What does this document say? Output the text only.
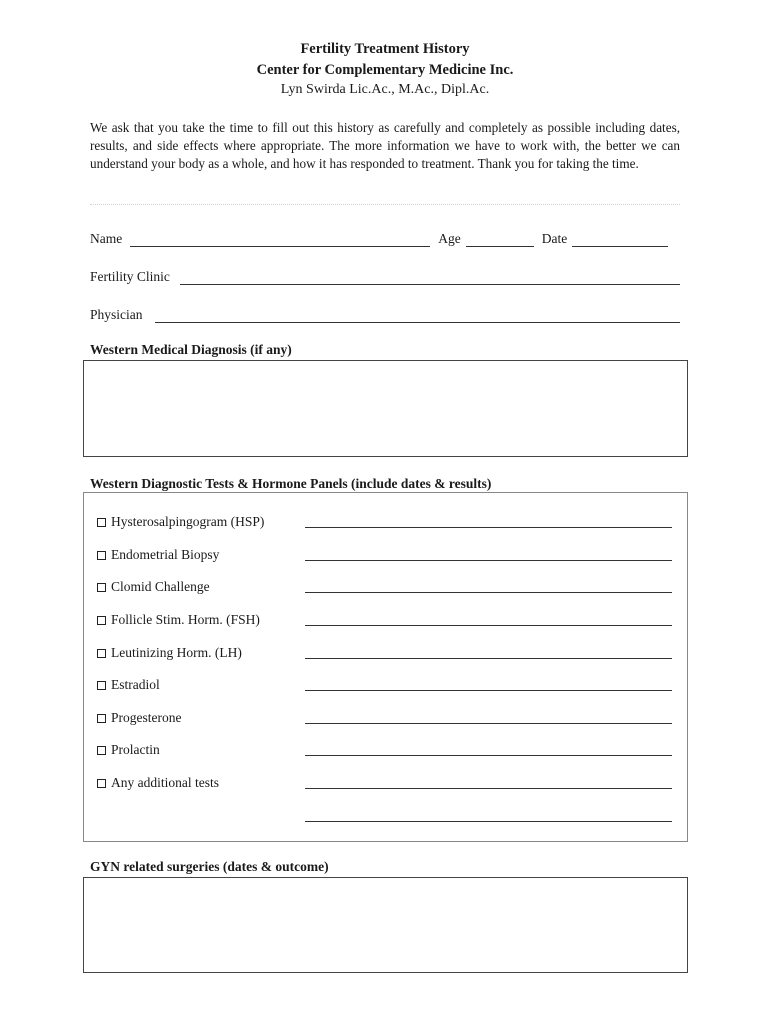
Fertility Treatment History
Center for Complementary Medicine Inc.
Lyn Swirda Lic.Ac., M.Ac., Dipl.Ac.
We ask that you take the time to fill out this history as carefully and completely as possible including dates, results, and side effects where appropriate. The more information we have to work with, the better we can understand your body as a whole, and how it has responded to treatment. Thank you for taking the time.
Name	Age	Date
Fertility Clinic
Physician
Western Medical Diagnosis (if any)
Western Diagnostic Tests & Hormone Panels (include dates & results)
Hysterosalpingogram (HSP)
Endometrial Biopsy
Clomid Challenge
Follicle Stim. Horm. (FSH)
Leutinizing Horm. (LH)
Estradiol
Progesterone
Prolactin
Any additional tests
GYN related surgeries (dates & outcome)
